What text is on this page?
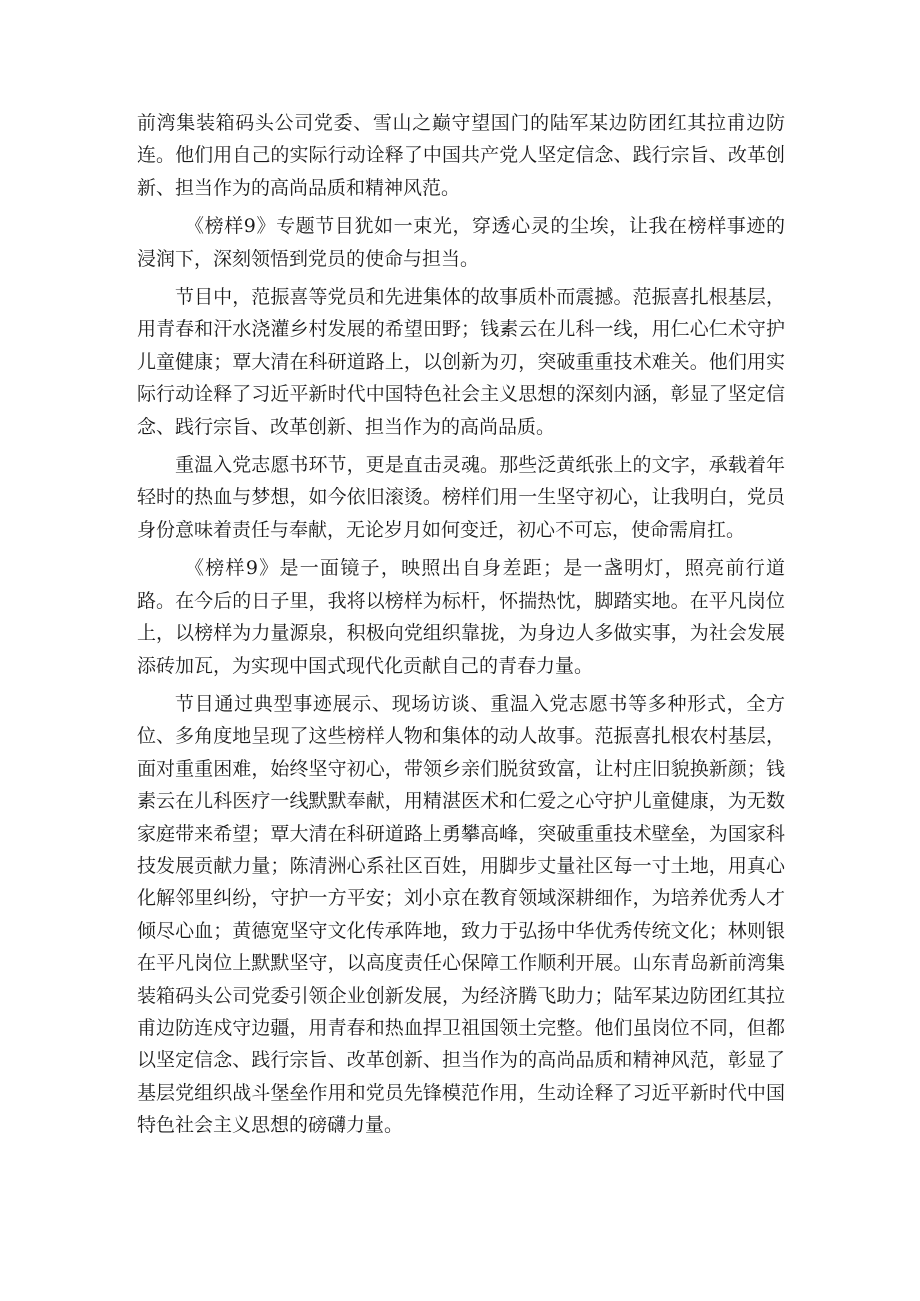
前湾集装箱码头公司党委、雪山之巅守望国门的陆军某边防团红其拉甫边防连。他们用自己的实际行动诠释了中国共产党人坚定信念、践行宗旨、改革创新、担当作为的高尚品质和精神风范。

《榜样9》专题节目犹如一束光，穿透心灵的尘埃，让我在榜样事迹的浸润下，深刻领悟到党员的使命与担当。

节目中，范振喜等党员和先进集体的故事质朴而震撼。范振喜扎根基层，用青春和汗水浇灌乡村发展的希望田野；钱素云在儿科一线，用仁心仁术守护儿童健康；覃大清在科研道路上，以创新为刃，突破重重技术难关。他们用实际行动诠释了习近平新时代中国特色社会主义思想的深刻内涵，彰显了坚定信念、践行宗旨、改革创新、担当作为的高尚品质。

重温入党志愿书环节，更是直击灵魂。那些泛黄纸张上的文字，承载着年轻时的热血与梦想，如今依旧滚烫。榜样们用一生坚守初心，让我明白，党员身份意味着责任与奉献，无论岁月如何变迁，初心不可忘，使命需肩扛。

《榜样9》是一面镜子，映照出自身差距；是一盏明灯，照亮前行道路。在今后的日子里，我将以榜样为标杆，怀揣热忱，脚踏实地。在平凡岗位上，以榜样为力量源泉，积极向党组织靠拢，为身边人多做实事，为社会发展添砖加瓦，为实现中国式现代化贡献自己的青春力量。

节目通过典型事迹展示、现场访谈、重温入党志愿书等多种形式，全方位、多角度地呈现了这些榜样人物和集体的动人故事。范振喜扎根农村基层，面对重重困难，始终坚守初心，带领乡亲们脱贫致富，让村庄旧貌换新颜；钱素云在儿科医疗一线默默奉献，用精湛医术和仁爱之心守护儿童健康，为无数家庭带来希望；覃大清在科研道路上勇攀高峰，突破重重技术壁垒，为国家科技发展贡献力量；陈清洲心系社区百姓，用脚步丈量社区每一寸土地，用真心化解邻里纠纷，守护一方平安；刘小京在教育领域深耕细作，为培养优秀人才倾尽心血；黄德宽坚守文化传承阵地，致力于弘扬中华优秀传统文化；林则银在平凡岗位上默默坚守，以高度责任心保障工作顺利开展。山东青岛新前湾集装箱码头公司党委引领企业创新发展，为经济腾飞助力；陆军某边防团红其拉甫边防连戍守边疆，用青春和热血捍卫祖国领土完整。他们虽岗位不同，但都以坚定信念、践行宗旨、改革创新、担当作为的高尚品质和精神风范，彰显了基层党组织战斗堡垒作用和党员先锋模范作用，生动诠释了习近平新时代中国特色社会主义思想的磅礴力量。
